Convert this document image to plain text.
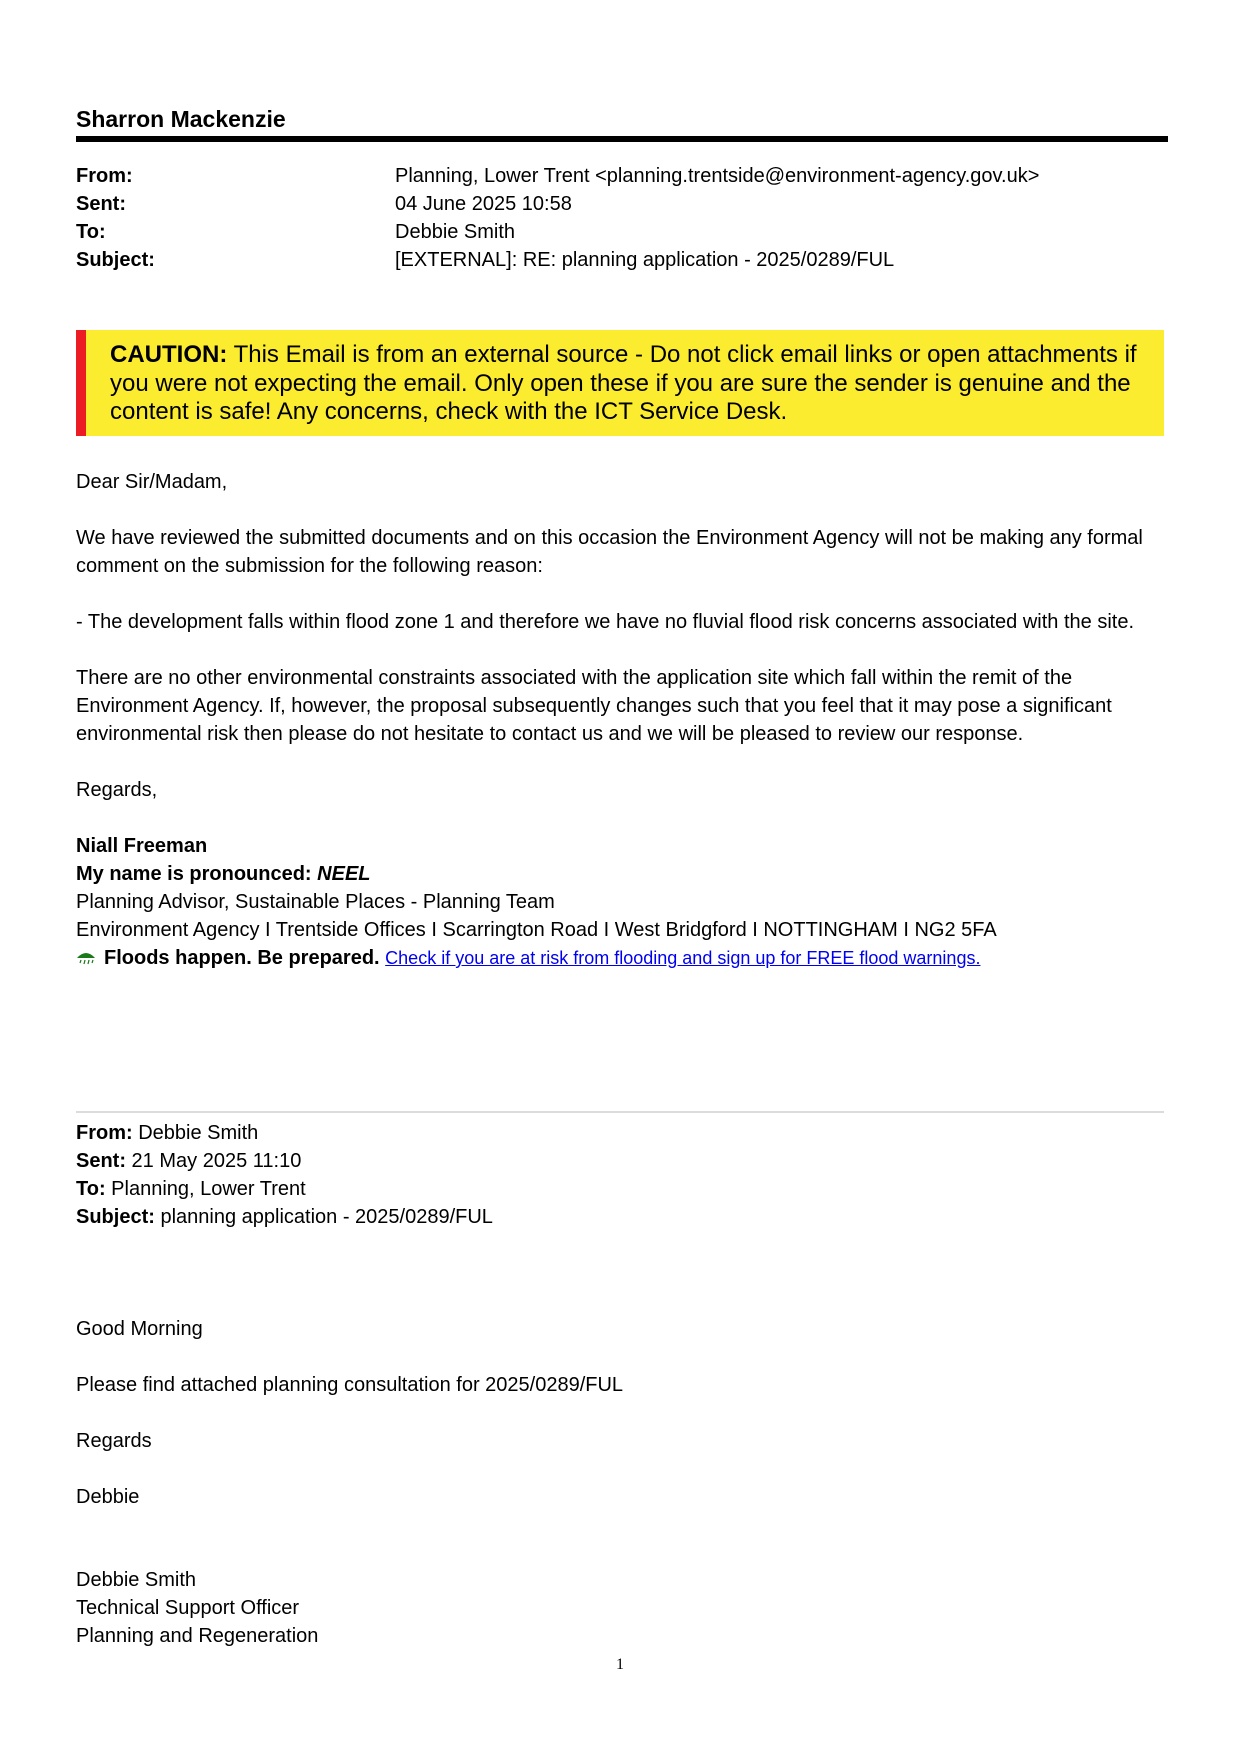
Sharron Mackenzie
From:	Planning, Lower Trent <planning.trentside@environment-agency.gov.uk>
Sent:	04 June 2025 10:58
To:	Debbie Smith
Subject:	[EXTERNAL]: RE: planning application - 2025/0289/FUL
CAUTION: This Email is from an external source - Do not click email links or open attachments if you were not expecting the email. Only open these if you are sure the sender is genuine and the content is safe! Any concerns, check with the ICT Service Desk.

Dear Sir/Madam,

We have reviewed the submitted documents and on this occasion the Environment Agency will not be making any formal comment on the submission for the following reason:

- The development falls within flood zone 1 and therefore we have no fluvial flood risk concerns associated with the site.

There are no other environmental constraints associated with the application site which fall within the remit of the Environment Agency. If, however, the proposal subsequently changes such that you feel that it may pose a significant environmental risk then please do not hesitate to contact us and we will be pleased to review our response.

Regards,

Niall Freeman
My name is pronounced: NEEL
Planning Advisor, Sustainable Places - Planning Team
Environment Agency I Trentside Offices I Scarrington Road I West Bridgford I NOTTINGHAM I NG2 5FA
Floods happen. Be prepared. Check if you are at risk from flooding and sign up for FREE flood warnings.
From: Debbie Smith
Sent: 21 May 2025 11:10
To: Planning, Lower Trent
Subject: planning application - 2025/0289/FUL

Good Morning

Please find attached planning consultation for 2025/0289/FUL

Regards

Debbie

Debbie Smith
Technical Support Officer
Planning and Regeneration
1
